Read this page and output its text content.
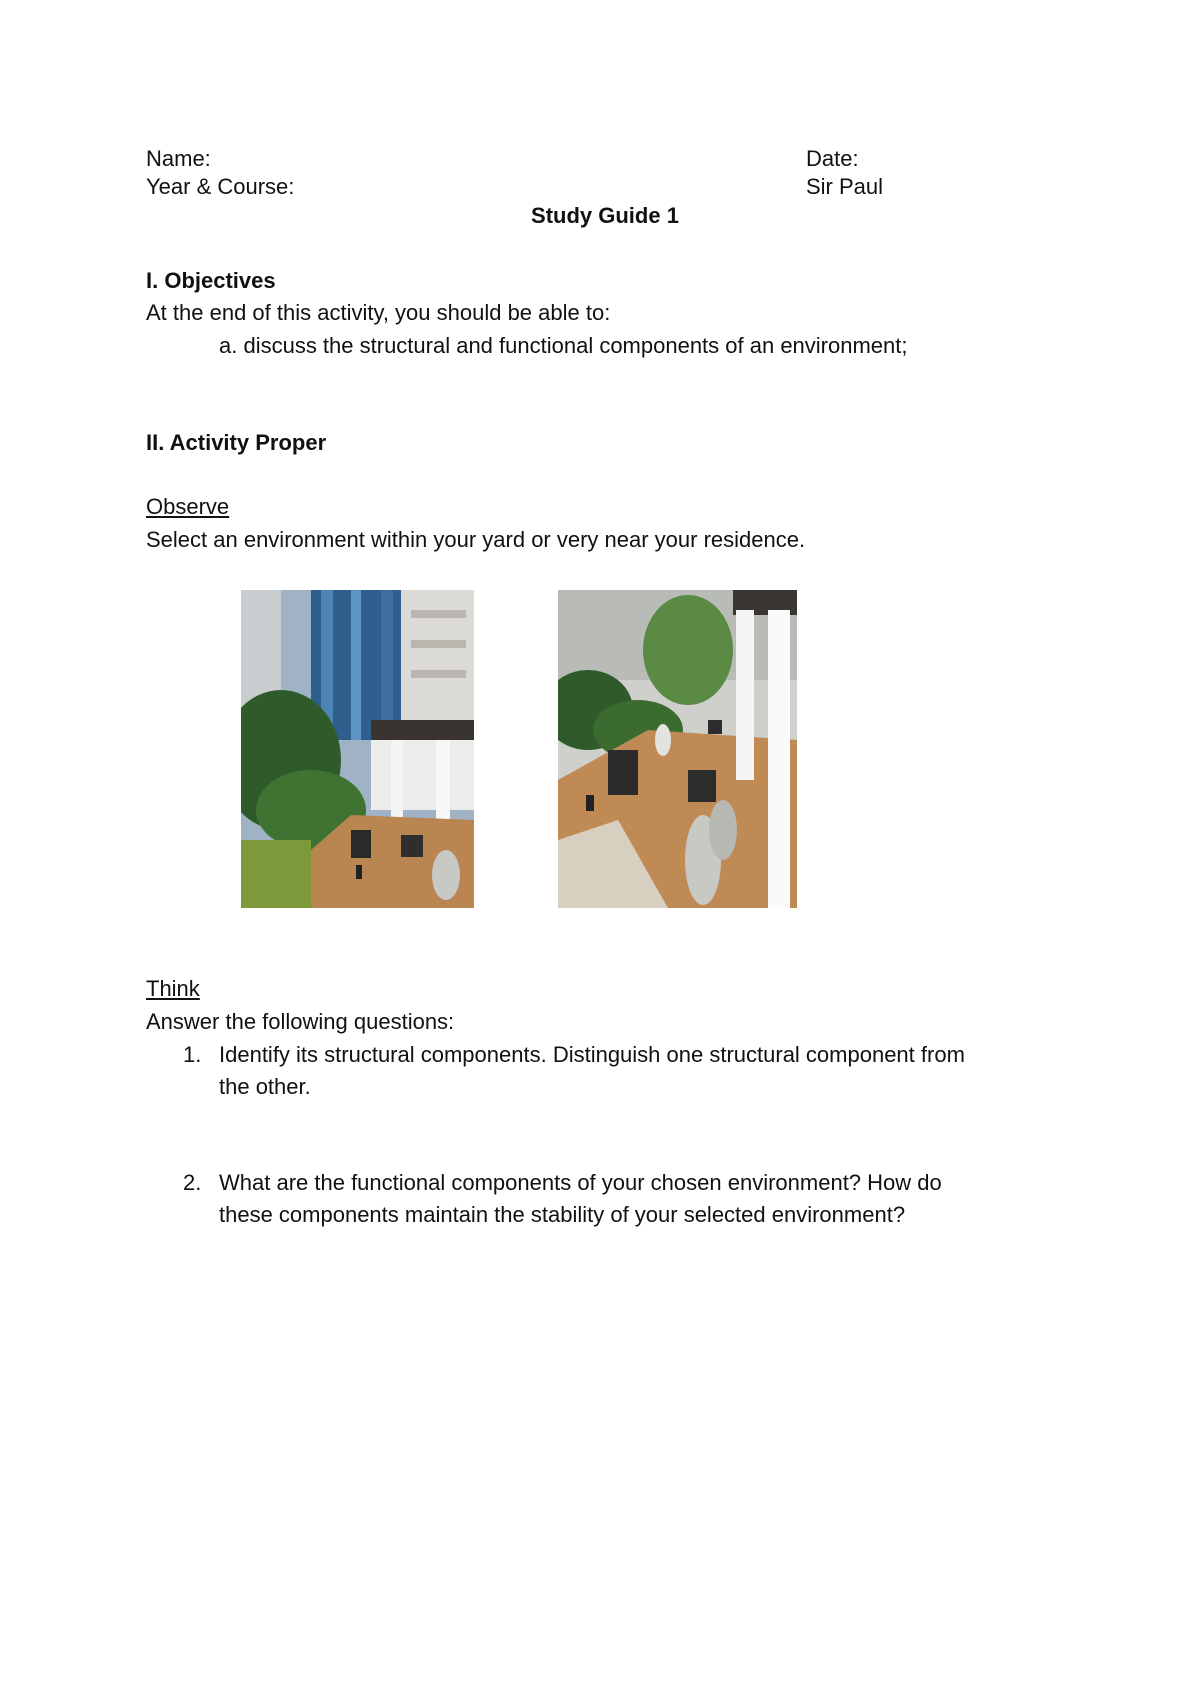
Name:	Date:
Year & Course:	Sir Paul
Study Guide 1
I. Objectives
At the end of this activity, you should be able to:
a. discuss the structural and functional components of an environment;
II. Activity Proper
Observe
Select an environment within your yard or very near your residence.
Think
Answer the following questions:
1. Identify its structural components. Distinguish one structural component from
the other.
2. What are the functional components of your chosen environment? How do
these components maintain the stability of your selected environment?
